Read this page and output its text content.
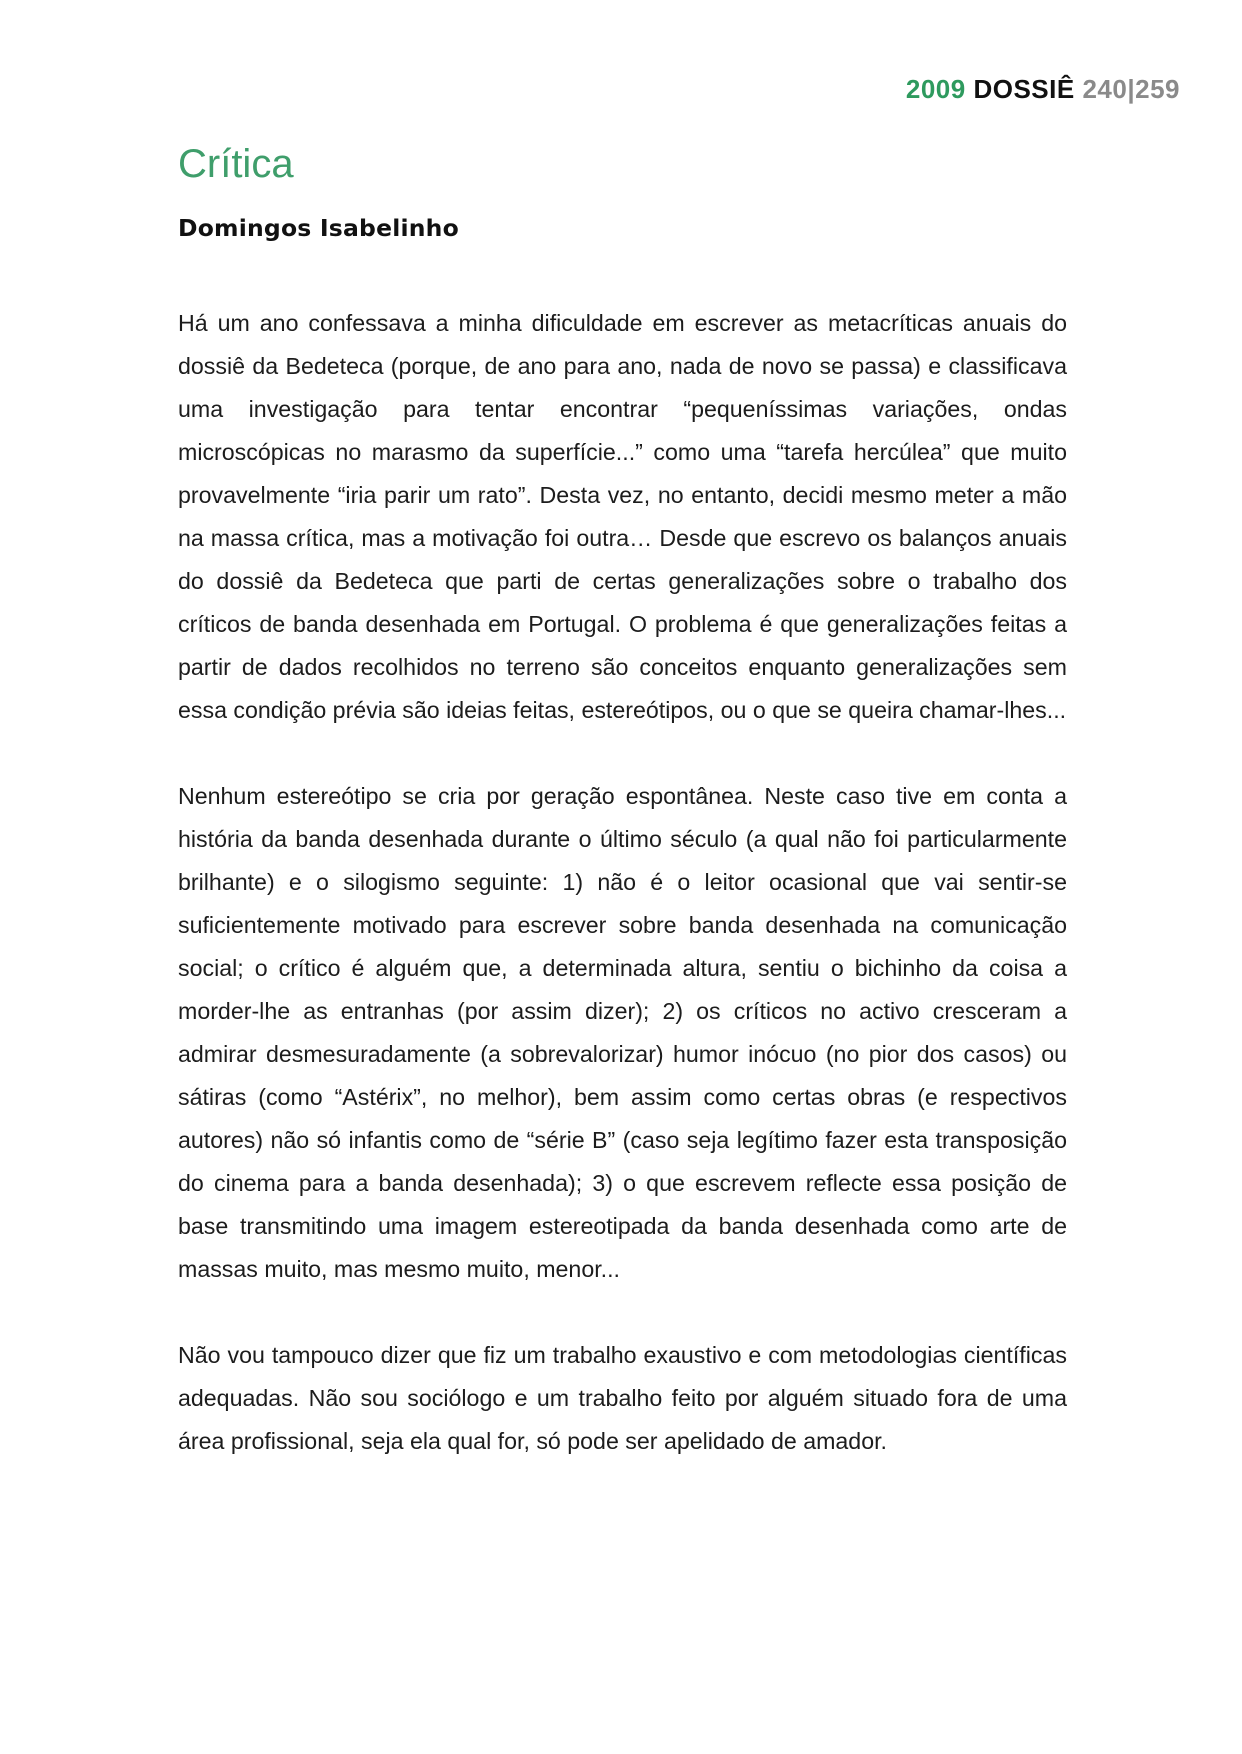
2009 DOSSIÊ 240|259
Crítica
Domingos Isabelinho

Há um ano confessava a minha dificuldade em escrever as metacríticas anuais do dossiê da Bedeteca (porque, de ano para ano, nada de novo se passa) e classificava uma investigação para tentar encontrar “pequeníssimas variações, ondas microscópicas no marasmo da superfície...” como uma “tarefa hercúlea” que muito provavelmente “iria parir um rato”. Desta vez, no entanto, decidi mesmo meter a mão na massa crítica, mas a motivação foi outra… Desde que escrevo os balanços anuais do dossiê da Bedeteca que parti de certas generalizações sobre o trabalho dos críticos de banda desenhada em Portugal. O problema é que generalizações feitas a partir de dados recolhidos no terreno são conceitos enquanto generalizações sem essa condição prévia são ideias feitas, estereótipos, ou o que se queira chamar-lhes...

Nenhum estereótipo se cria por geração espontânea. Neste caso tive em conta a história da banda desenhada durante o último século (a qual não foi particularmente brilhante) e o silogismo seguinte: 1) não é o leitor ocasional que vai sentir-se suficientemente motivado para escrever sobre banda desenhada na comunicação social; o crítico é alguém que, a determinada altura, sentiu o bichinho da coisa a morder-lhe as entranhas (por assim dizer); 2) os críticos no activo cresceram a admirar desmesuradamente (a sobrevalorizar) humor inócuo (no pior dos casos) ou sátiras (como “Astérix”, no melhor), bem assim como certas obras (e respectivos autores) não só infantis como de “série B” (caso seja legítimo fazer esta transposição do cinema para a banda desenhada); 3) o que escrevem reflecte essa posição de base transmitindo uma imagem estereotipada da banda desenhada como arte de massas muito, mas mesmo muito, menor...

Não vou tampouco dizer que fiz um trabalho exaustivo e com metodologias científicas adequadas. Não sou sociólogo e um trabalho feito por alguém situado fora de uma área profissional, seja ela qual for, só pode ser apelidado de amador.
